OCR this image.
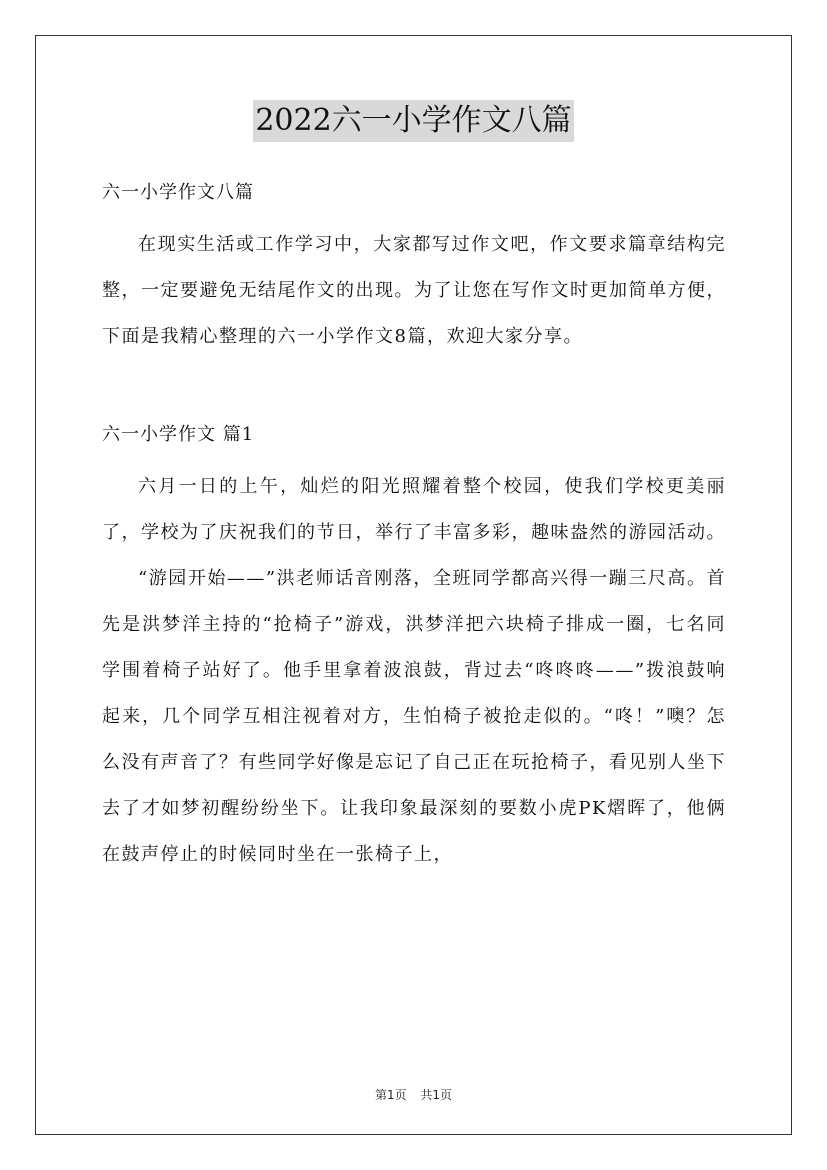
2022六一小学作文八篇

六一小学作文八篇

在现实生活或工作学习中，大家都写过作文吧，作文要求篇章结构完整，一定要避免无结尾作文的出现。为了让您在写作文时更加简单方便，下面是我精心整理的六一小学作文8篇，欢迎大家分享。

六一小学作文 篇1

六月一日的上午，灿烂的阳光照耀着整个校园，使我们学校更美丽了，学校为了庆祝我们的节日，举行了丰富多彩，趣味盎然的游园活动。

“游园开始——”洪老师话音刚落，全班同学都高兴得一蹦三尺高。首先是洪梦洋主持的“抢椅子”游戏，洪梦洋把六块椅子排成一圈，七名同学围着椅子站好了。他手里拿着波浪鼓，背过去“咚咚咚——”拨浪鼓响起来，几个同学互相注视着对方，生怕椅子被抢走似的。“咚！”噢？怎么没有声音了？有些同学好像是忘记了自己正在玩抢椅子，看见别人坐下去了才如梦初醒纷纷坐下。让我印象最深刻的要数小虎PK熠晖了，他俩在鼓声停止的时候同时坐在一张椅子上，

第1页 共1页
